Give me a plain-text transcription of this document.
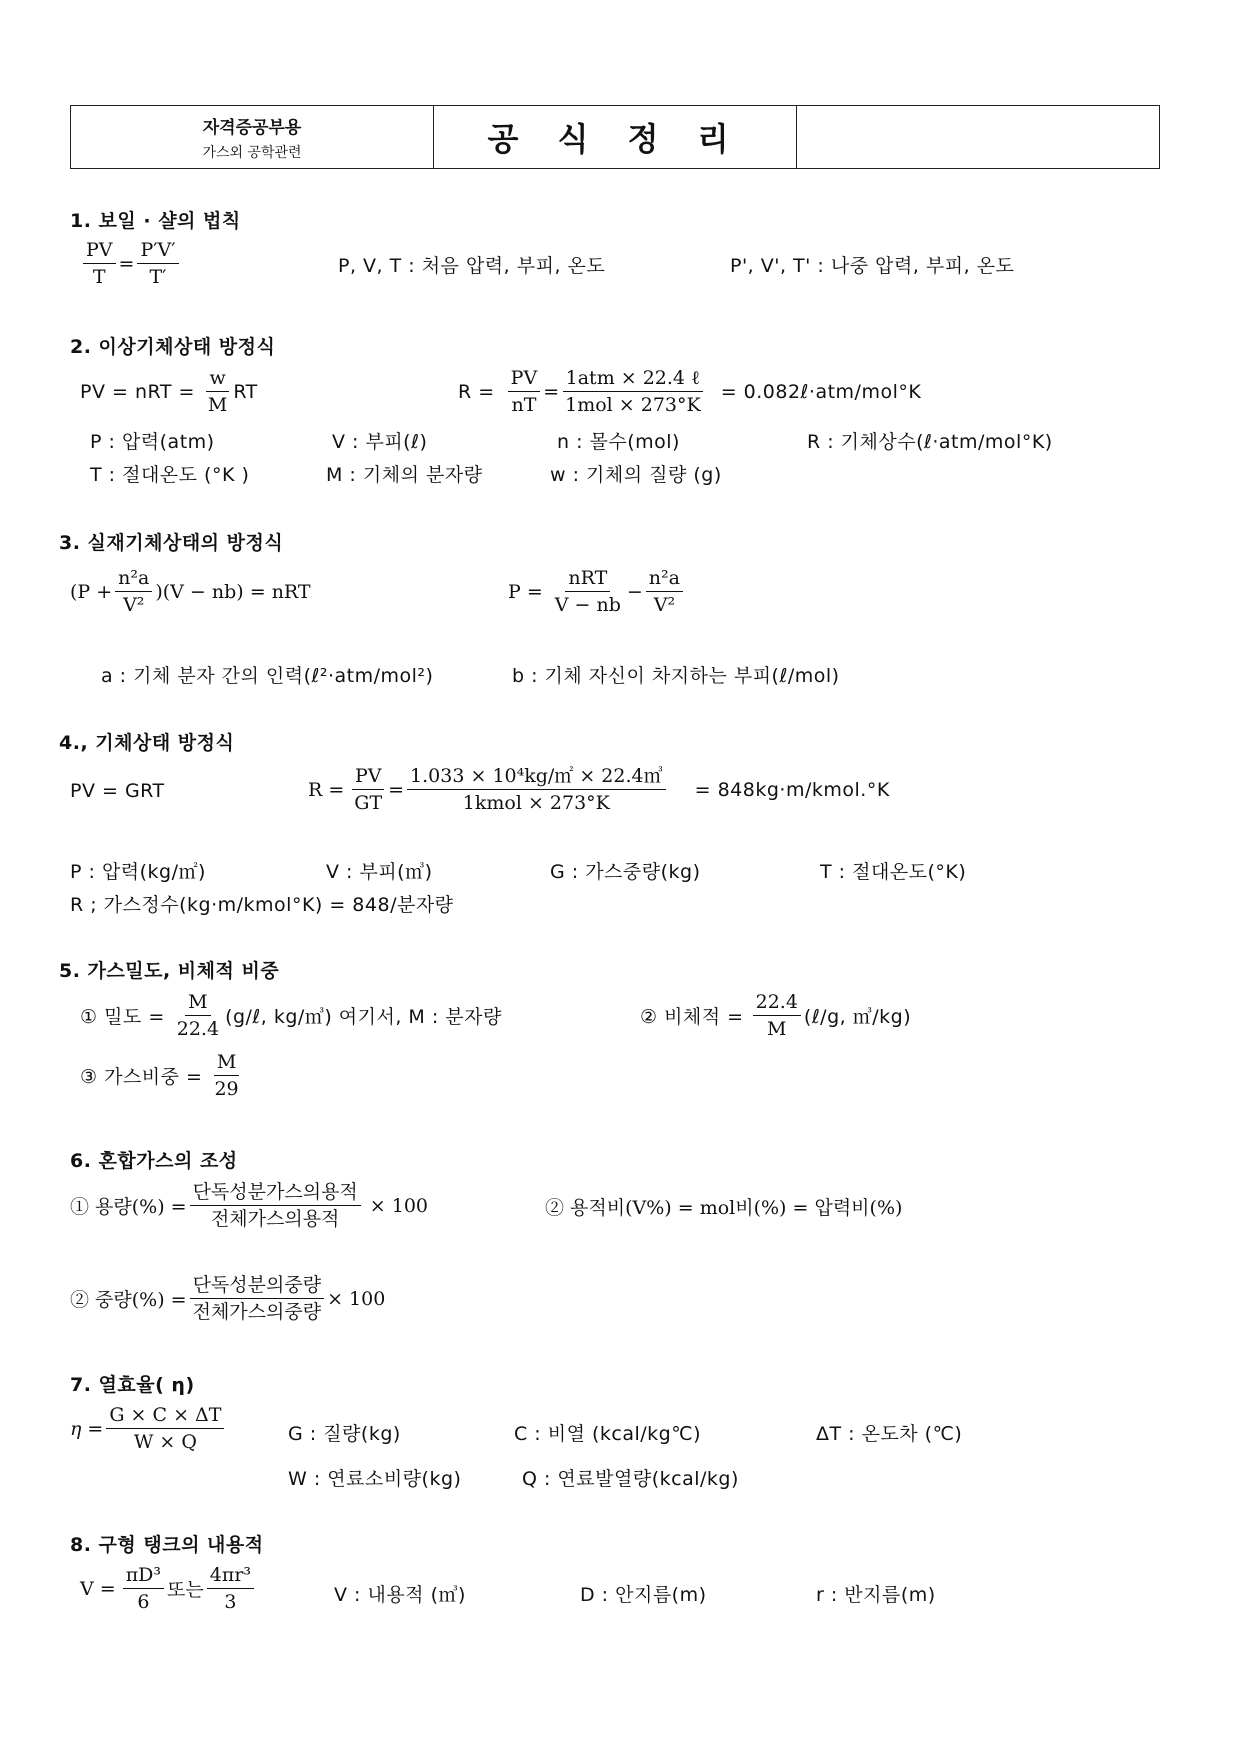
자격증공부용
가스외 공학관련	공 식 정 리
1. 보일 · 샬의 법칙
$\frac{PV}{T} = \frac{P'V'}{T'}$	P, V, T : 처음 압력, 부피, 온도	P', V', T' : 나중 압력, 부피, 온도
2. 이상기체상태 방정식
PV = nRT = $\frac{w}{M}$ RT	$R = \frac{PV}{nT} = \frac{\text{1atm × 22.4 ℓ}}{\text{1mol × 273°K}}$ = 0.082ℓ·atm/mol°K
P : 압력(atm)	V : 부피(ℓ)	n : 몰수(mol)	R : 기체상수(ℓ·atm/mol°K)
T : 절대온도 (°K )	M : 기체의 분자량	w : 기체의 질량 (g)
3. 실재기체상태의 방정식
$(P + \frac{\text{n²a}}{\text{V²}} )(V - nb)$ = nRT	$P = \frac{\text{nRT}}{V - nb} - \frac{\text{n²a}}{\text{V²}}$
a : 기체 분자 간의 인력(ℓ²·atm/mol²)	b : 기체 자신이 차지하는 부피(ℓ/mol)
4., 기체상태 방정식
PV = GRT	$R = \frac{PV}{GT} = \frac{\text{1.033 × 10⁴kg/㎡ × 22.4㎥}}{\text{1kmol × 273°K}}$ = 848kg·m/kmol.°K
P : 압력(kg/㎡)	V : 부피(㎥)	G : 가스중량(kg)	T : 절대온도(°K)
R ; 가스정수(kg·m/kmol°K) = 848/분자량
5. 가스밀도, 비체적 비중
① 밀도 = $\frac{M}{22.4}$ (g/ℓ, kg/㎥) 여기서, M : 분자량	② 비체적 = $\frac{22.4}{M}$ (ℓ/g, ㎥/kg)
③ 가스비중 = $\frac{M}{29}$
6. 혼합가스의 조성
① 용량(%) = $\frac{\text{단독성분가스의용적}}{\text{전체가스의용적}} \times 100$	② 용적비(V%) = mol비(%) = 압력비(%)
② 중량(%) = $\frac{\text{단독성분의중량}}{\text{전체가스의중량}} \times 100$
7. 열효율( η)
$\eta = \frac{G \times C \times \Delta T}{W \times Q}$	G : 질량(kg)	C : 비열 (kcal/kg℃)	ΔT : 온도차 (℃)
W : 연료소비량(kg)	Q : 연료발열량(kcal/kg)
8. 구형 탱크의 내용적
$V = \frac{\text{πD³}}{6}$ 또는 $\frac{\text{4πr³}}{3}$	V : 내용적 (㎥)	D : 안지름(m)	r : 반지름(m)
